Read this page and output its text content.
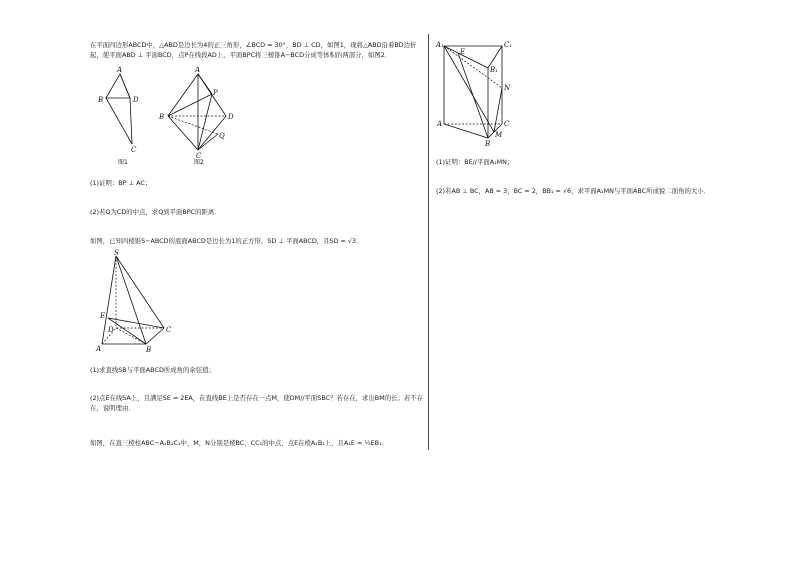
在平面四边形ABCD中，△ABD是边长为4的正三角形，∠BCD = 30°，BD ⊥ CD，如图1，现将△ABD沿着BD边折起，使平面ABD ⊥ 平面BCD，点P在线段AD上，平面BPC将三棱锥A−BCD分成等体积的两部分，如图2．
A
B	D
C
图1
A
P
B	D
Q
C
图2
(1)证明：BP ⊥ AC；
(2)若Q为CD的中点，求Q到平面BPC的距离．
如图，已知四棱锥S−ABCD的底面ABCD是边长为1的正方形，SD ⊥ 平面ABCD，且SD = √3．
S
E
D	C
A	B
(1)求直线SB与平面ABCD所成角的余弦值；
(2)点E在线SA上，且满足SE = 2EA，在直线BE上是否存在一点M，使DM//平面SBC？若存在，求出BM的长；若不存在，说明理由．
如图，在直三棱柱ABC−A₁B₁C₁中，M，N分别是棱BC，CC₁的中点，点E在棱A₁B₁上，且A₁E = ½EB₁．
A₁
E
C₁
B₁
N
A	C
M
B
(1)证明：BE//平面A₁MN；
(2)若AB ⊥ BC，AB = 3，BC = 2，BB₁ = √6，求平面A₁MN与平面ABC所成锐二面角的大小．
